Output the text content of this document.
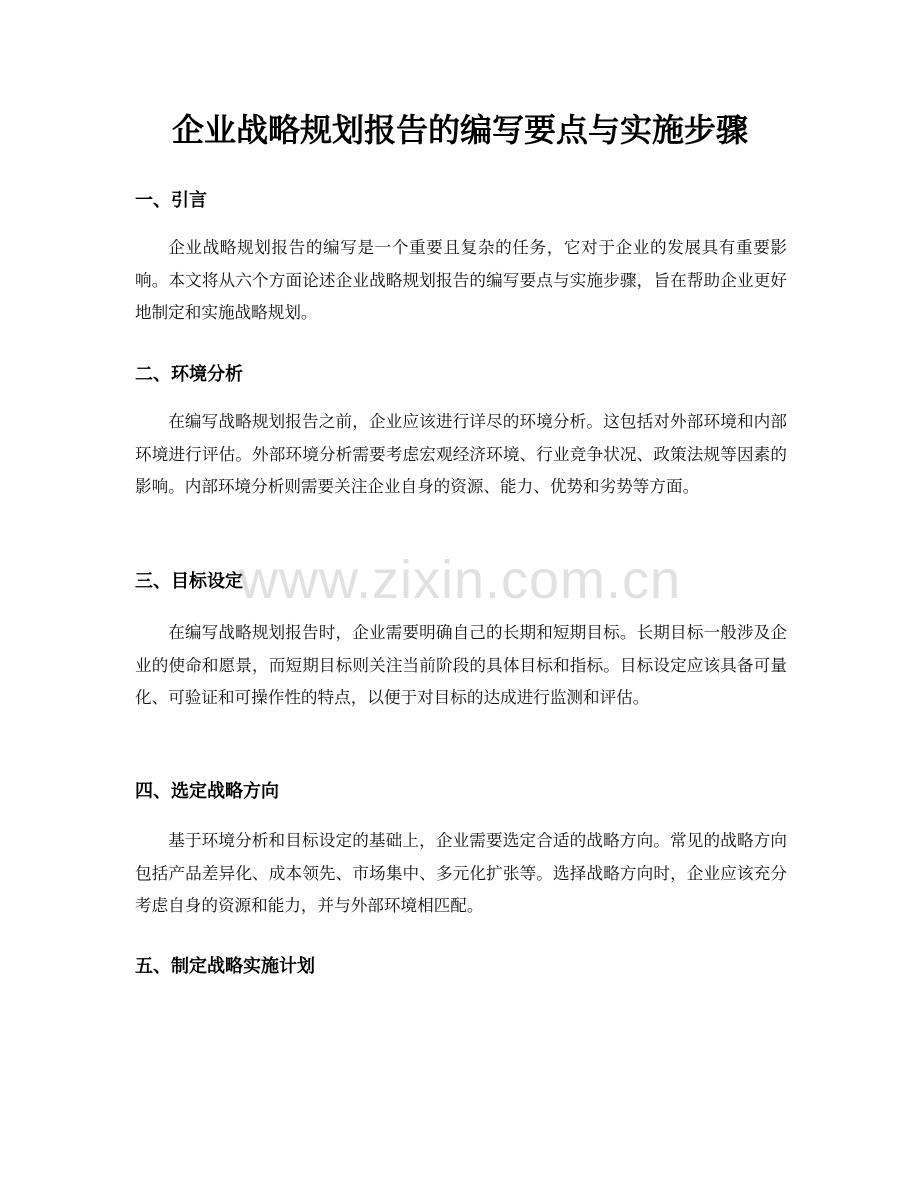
企业战略规划报告的编写要点与实施步骤
一、引言

企业战略规划报告的编写是一个重要且复杂的任务，它对于企业的发展具有重要影响。本文将从六个方面论述企业战略规划报告的编写要点与实施步骤，旨在帮助企业更好地制定和实施战略规划。

二、环境分析

在编写战略规划报告之前，企业应该进行详尽的环境分析。这包括对外部环境和内部环境进行评估。外部环境分析需要考虑宏观经济环境、行业竞争状况、政策法规等因素的影响。内部环境分析则需要关注企业自身的资源、能力、优势和劣势等方面。

三、目标设定

在编写战略规划报告时，企业需要明确自己的长期和短期目标。长期目标一般涉及企业的使命和愿景，而短期目标则关注当前阶段的具体目标和指标。目标设定应该具备可量化、可验证和可操作性的特点，以便于对目标的达成进行监测和评估。

四、选定战略方向

基于环境分析和目标设定的基础上，企业需要选定合适的战略方向。常见的战略方向包括产品差异化、成本领先、市场集中、多元化扩张等。选择战略方向时，企业应该充分考虑自身的资源和能力，并与外部环境相匹配。

五、制定战略实施计划
www.zixin.com.cn
